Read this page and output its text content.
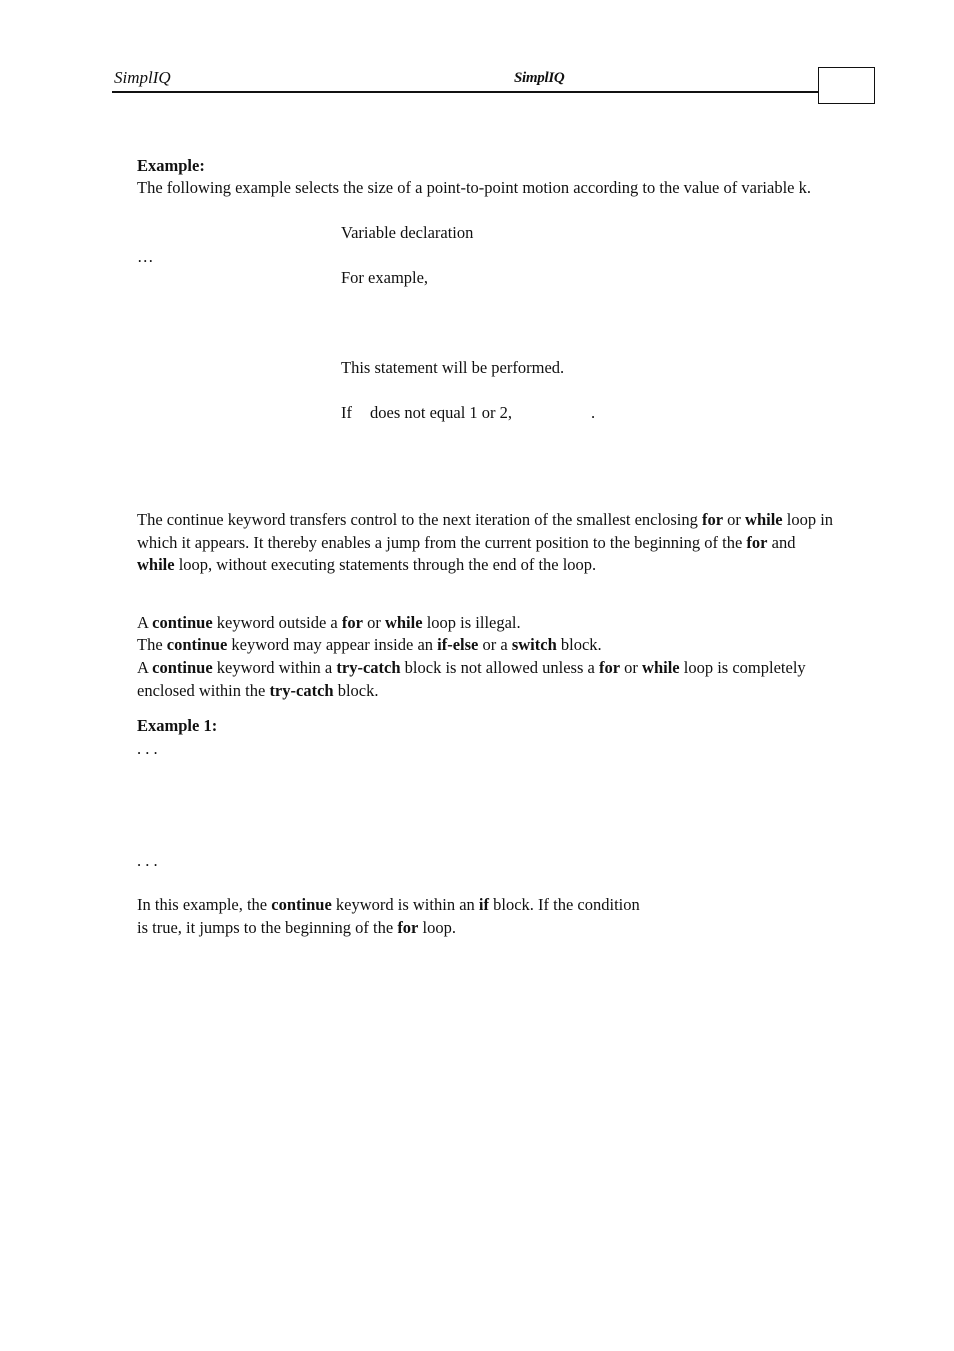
SimplIQ	SimplIQ
Example:
The following example selects the size of a point-to-point motion according to the value of variable k.
Variable declaration
…
For example,
This statement will be performed.
If does not equal 1 or 2,	.
The continue keyword transfers control to the next iteration of the smallest enclosing for or while loop in which it appears. It thereby enables a jump from the current position to the beginning of the for and while loop, without executing statements through the end of the loop.
A continue keyword outside a for or while loop is illegal.
The continue keyword may appear inside an if-else or a switch block.
A continue keyword within a try-catch block is not allowed unless a for or while loop is completely enclosed within the try-catch block.
Example 1:
. . .
. . .
In this example, the continue keyword is within an if block. If the condition
is true, it jumps to the beginning of the for loop.
